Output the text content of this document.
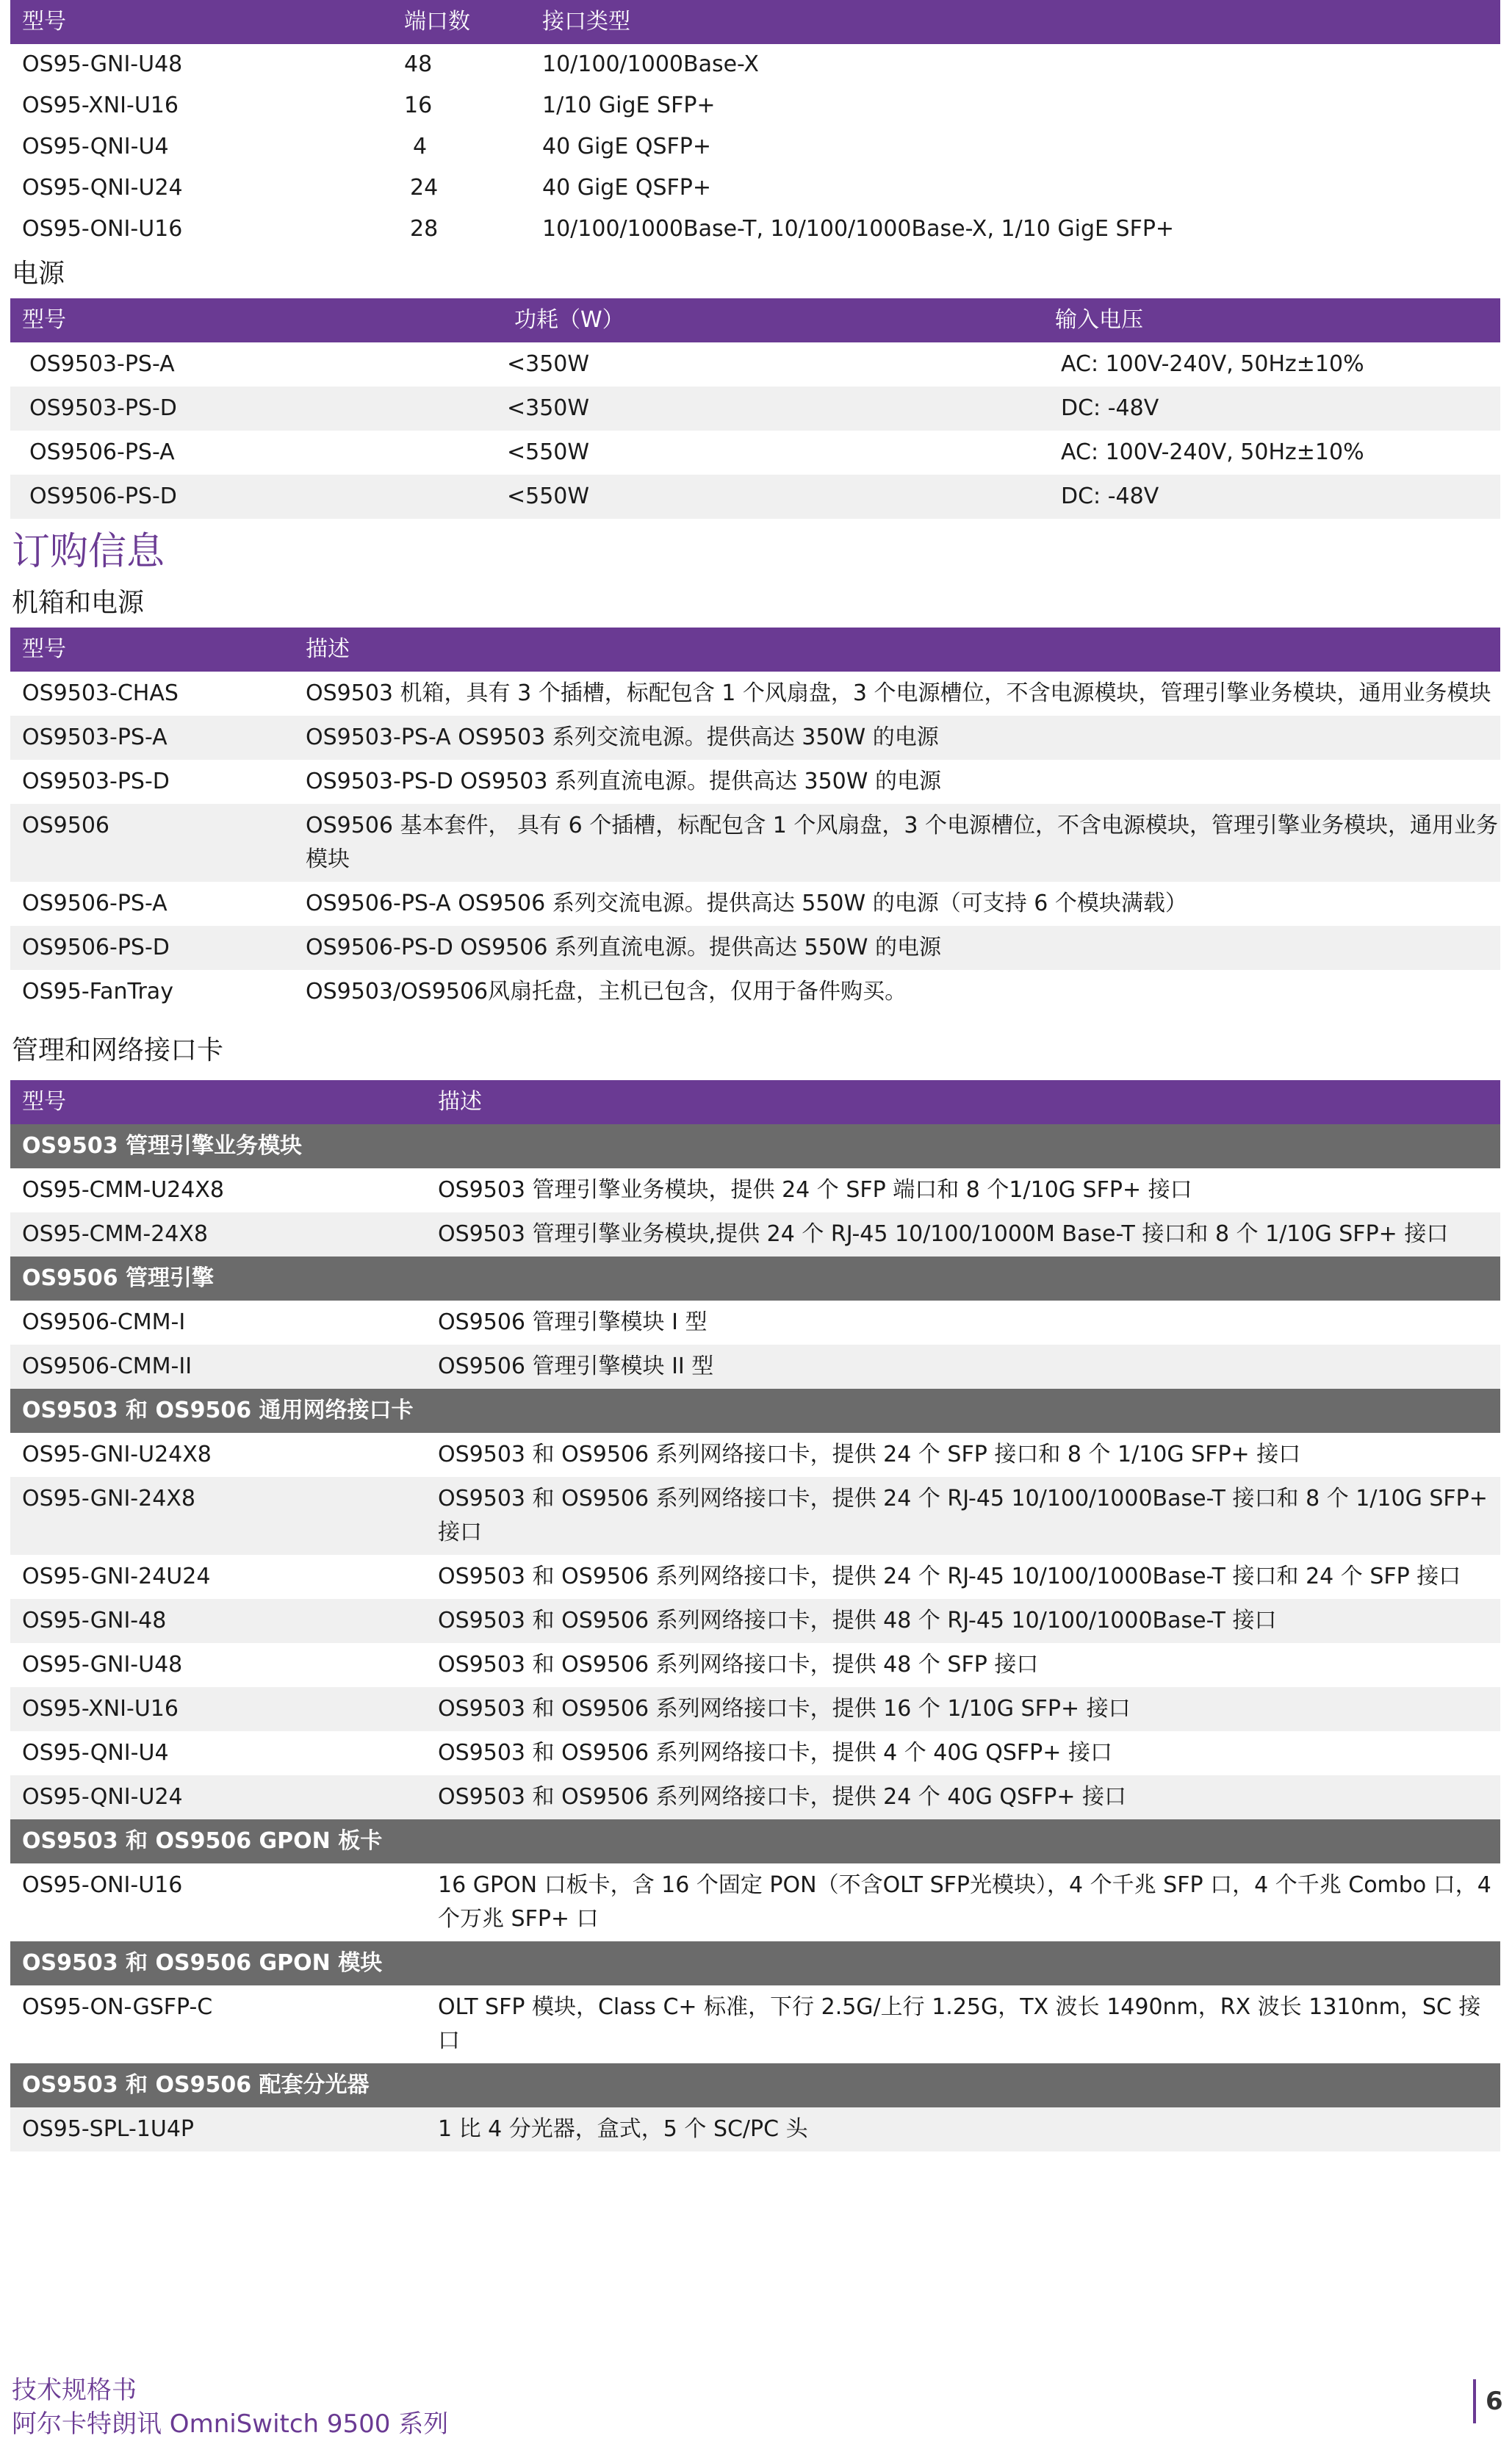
型号	端口数	接口类型
OS95-GNI-U48	48	10/100/1000Base-X
OS95-XNI-U16	16	1/10 GigE SFP+
OS95-QNI-U4	4	40 GigE QSFP+
OS95-QNI-U24	24	40 GigE QSFP+
OS95-ONI-U16	28	10/100/1000Base-T, 10/100/1000Base-X, 1/10 GigE SFP+
电源
型号	功耗（W）	输入电压
OS9503-PS-A	<350W	AC: 100V-240V, 50Hz±10%
OS9503-PS-D	<350W	DC: -48V
OS9506-PS-A	<550W	AC: 100V-240V, 50Hz±10%
OS9506-PS-D	<550W	DC: -48V
订购信息
机箱和电源
型号	描述
OS9503-CHAS	OS9503 机箱，具有 3 个插槽，标配包含 1 个风扇盘，3 个电源槽位，不含电源模块，管理引擎业务模块，通用业务模块
OS9503-PS-A	OS9503-PS-A OS9503 系列交流电源。提供高达 350W 的电源
OS9503-PS-D	OS9503-PS-D OS9503 系列直流电源。提供高达 350W 的电源
OS9506	OS9506 基本套件， 具有 6 个插槽，标配包含 1 个风扇盘，3 个电源槽位，不含电源模块，管理引擎业务模块，通用业务模块
OS9506-PS-A	OS9506-PS-A OS9506 系列交流电源。提供高达 550W 的电源（可支持 6 个模块满载）
OS9506-PS-D	OS9506-PS-D OS9506 系列直流电源。提供高达 550W 的电源
OS95-FanTray	OS9503/OS9506风扇托盘，主机已包含，仅用于备件购买。
管理和网络接口卡
型号	描述
OS9503 管理引擎业务模块	
OS95-CMM-U24X8	OS9503 管理引擎业务模块，提供 24 个 SFP 端口和 8 个1/10G SFP+ 接口
OS95-CMM-24X8	OS9503 管理引擎业务模块,提供 24 个 RJ-45 10/100/1000M Base-T 接口和 8 个 1/10G SFP+ 接口
OS9506 管理引擎	
OS9506-CMM-I	OS9506 管理引擎模块 I 型
OS9506-CMM-II	OS9506 管理引擎模块 II 型
OS9503 和 OS9506 通用网络接口卡	
OS95-GNI-U24X8	OS9503 和 OS9506 系列网络接口卡，提供 24 个 SFP 接口和 8 个 1/10G SFP+ 接口
OS95-GNI-24X8	OS9503 和 OS9506 系列网络接口卡，提供 24 个 RJ-45 10/100/1000Base-T 接口和 8 个 1/10G SFP+ 接口
OS95-GNI-24U24	OS9503 和 OS9506 系列网络接口卡，提供 24 个 RJ-45 10/100/1000Base-T 接口和 24 个 SFP 接口
OS95-GNI-48	OS9503 和 OS9506 系列网络接口卡，提供 48 个 RJ-45 10/100/1000Base-T 接口
OS95-GNI-U48	OS9503 和 OS9506 系列网络接口卡，提供 48 个 SFP 接口
OS95-XNI-U16	OS9503 和 OS9506 系列网络接口卡，提供 16 个 1/10G SFP+ 接口
OS95-QNI-U4	OS9503 和 OS9506 系列网络接口卡，提供 4 个 40G QSFP+ 接口
OS95-QNI-U24	OS9503 和 OS9506 系列网络接口卡，提供 24 个 40G QSFP+ 接口
OS9503 和 OS9506 GPON 板卡	
OS95-ONI-U16	16 GPON 口板卡，含 16 个固定 PON（不含OLT SFP光模块），4 个千兆 SFP 口，4 个千兆 Combo 口，4 个万兆 SFP+ 口
OS9503 和 OS9506 GPON 模块	
OS95-ON-GSFP-C	OLT SFP 模块，Class C+ 标准，下行 2.5G/上行 1.25G，TX 波长 1490nm，RX 波长 1310nm，SC 接口
OS9503 和 OS9506 配套分光器	
OS95-SPL-1U4P	1 比 4 分光器，盒式，5 个 SC/PC 头
技术规格书
阿尔卡特朗讯 OmniSwitch 9500 系列
6
